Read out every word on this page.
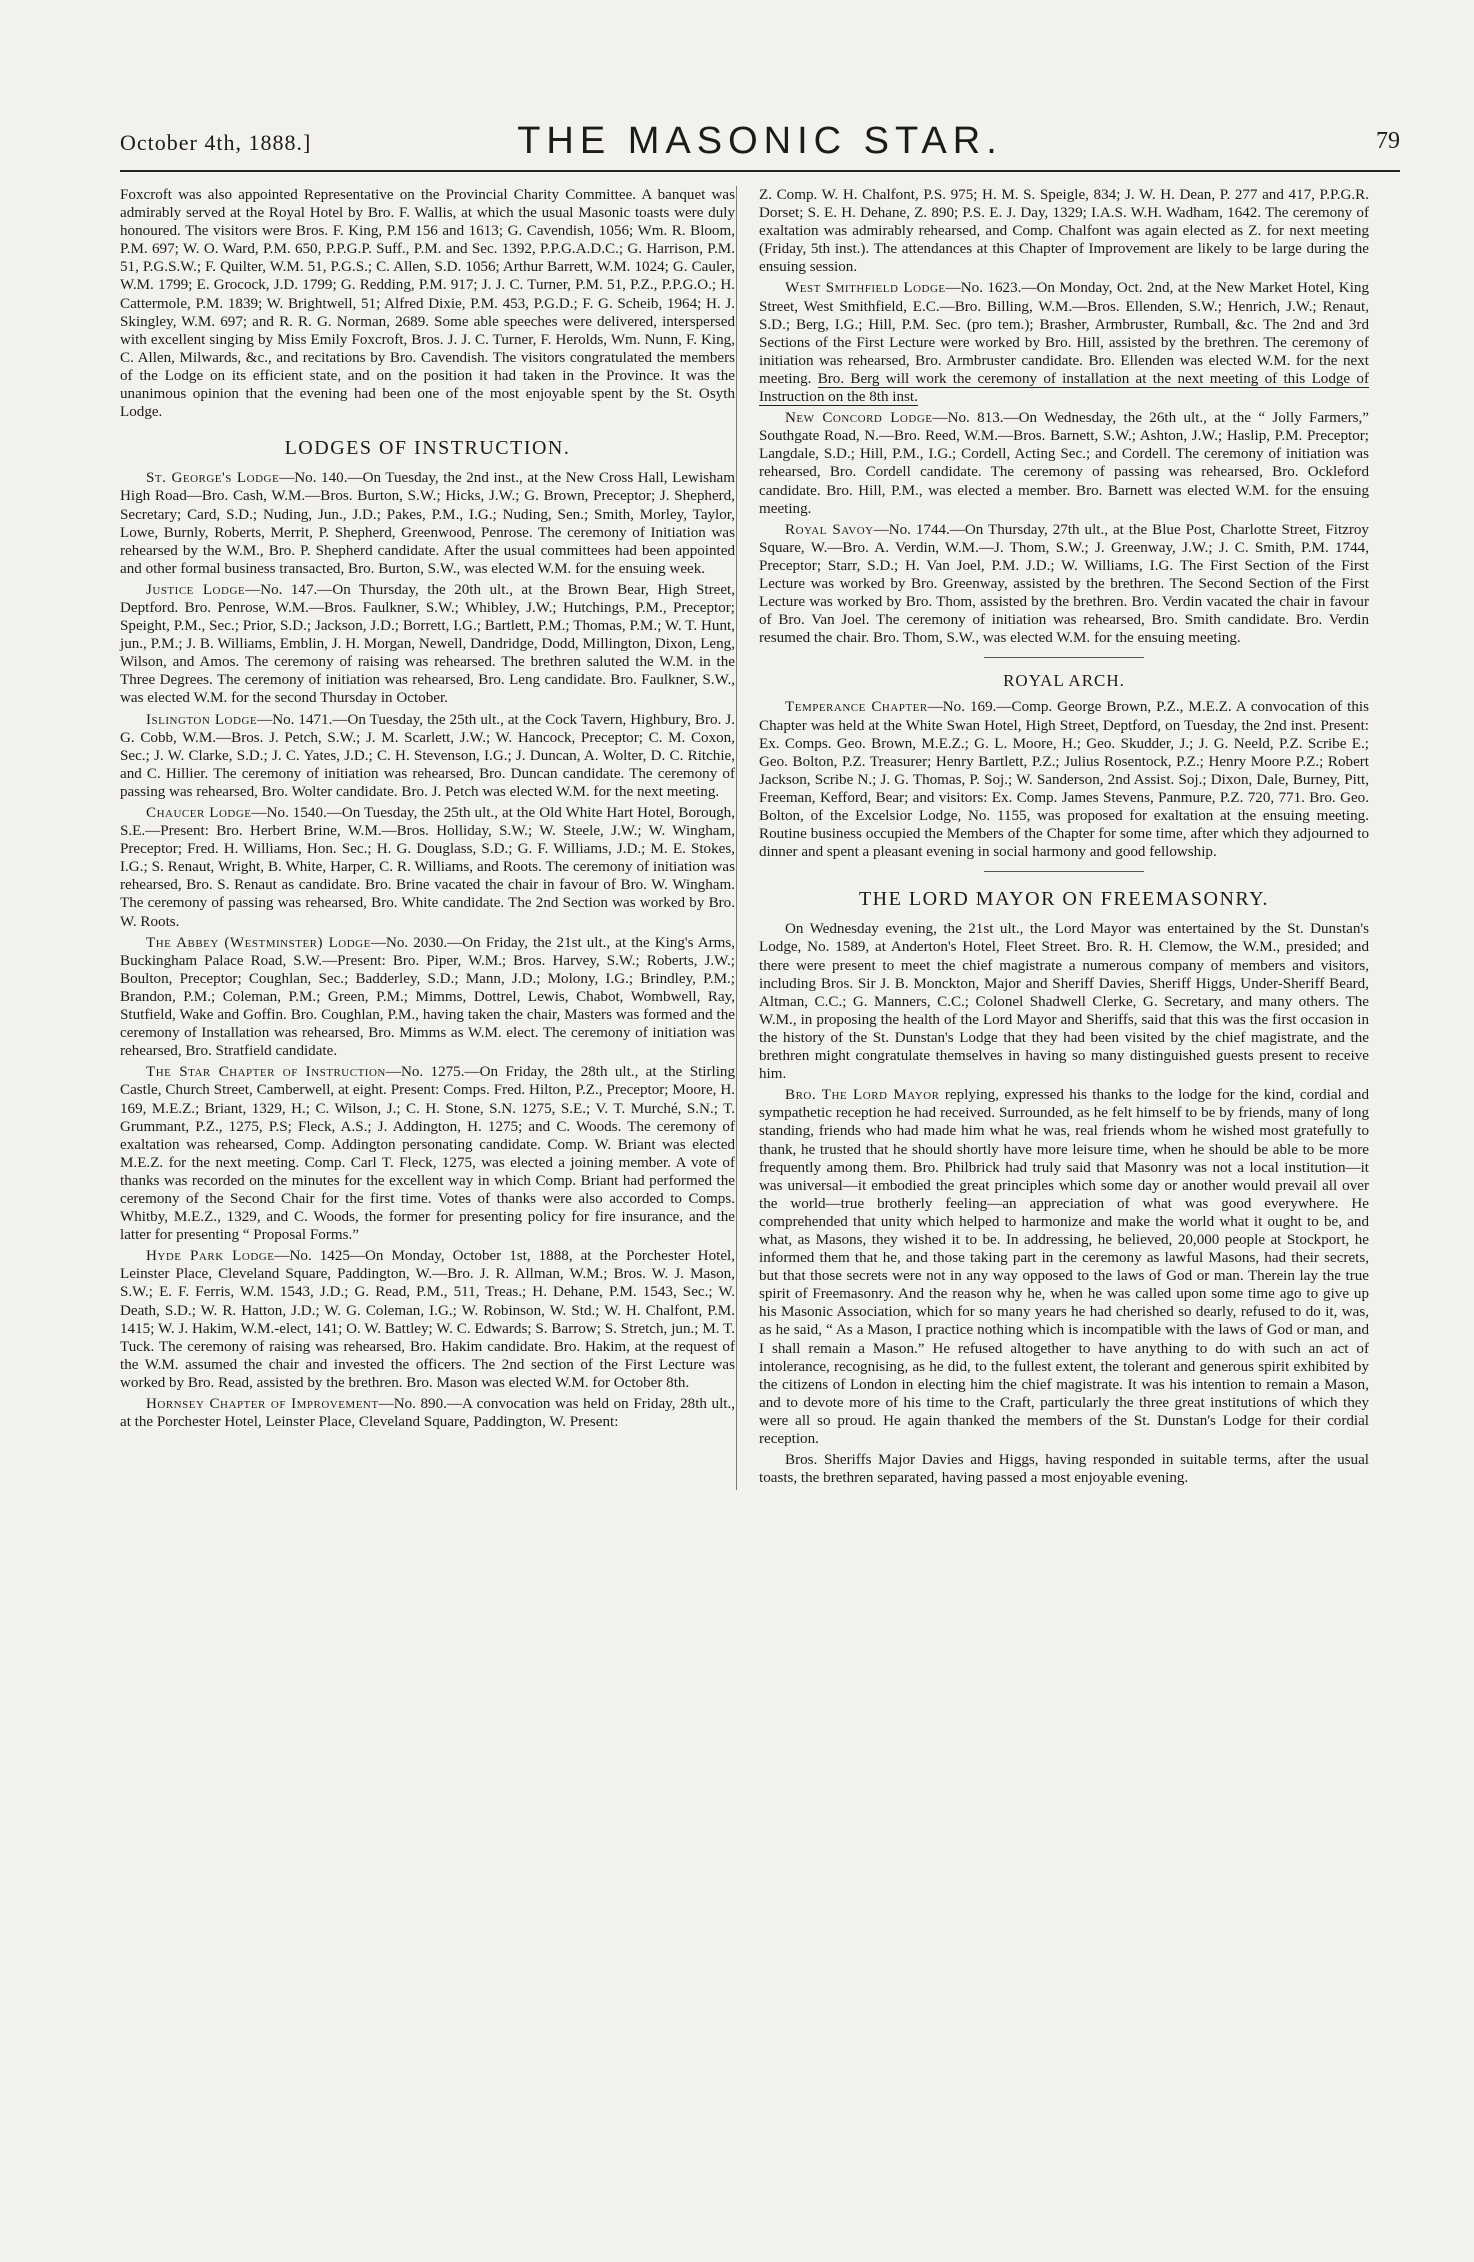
October 4th, 1888.]	THE MASONIC STAR.	79

Foxcroft was also appointed Representative on the Provincial Charity Committee. A banquet was admirably served at the Royal Hotel by Bro. F. Wallis, at which the usual Masonic toasts were duly honoured. The visitors were Bros. F. King, P.M 156 and 1613; G. Cavendish, 1056; Wm. R. Bloom, P.M. 697; W. O. Ward, P.M. 650, P.P.G.P. Suff., P.M. and Sec. 1392, P.P.G.A.D.C.; G. Harrison, P.M. 51, P.G.S.W.; F. Quilter, W.M. 51, P.G.S.; C. Allen, S.D. 1056; Arthur Barrett, W.M. 1024; G. Cauler, W.M. 1799; E. Grocock, J.D. 1799; G. Redding, P.M. 917; J. J. C. Turner, P.M. 51, P.Z., P.P.G.O.; H. Cattermole, P.M. 1839; W. Brightwell, 51; Alfred Dixie, P.M. 453, P.G.D.; F. G. Scheib, 1964; H. J. Skingley, W.M. 697; and R. R. G. Norman, 2689. Some able speeches were delivered, interspersed with excellent singing by Miss Emily Foxcroft, Bros. J. J. C. Turner, F. Herolds, Wm. Nunn, F. King, C. Allen, Milwards, &c., and recitations by Bro. Cavendish. The visitors congratulated the members of the Lodge on its efficient state, and on the position it had taken in the Province. It was the unanimous opinion that the evening had been one of the most enjoyable spent by the St. Osyth Lodge.

LODGES OF INSTRUCTION.

St. George's Lodge—No. 140.—On Tuesday, the 2nd inst., at the New Cross Hall, Lewisham High Road—Bro. Cash, W.M.—Bros. Burton, S.W.; Hicks, J.W.; G. Brown, Preceptor; J. Shepherd, Secretary; Card, S.D.; Nuding, Jun., J.D.; Pakes, P.M., I.G.; Nuding, Sen.; Smith, Morley, Taylor, Lowe, Burnly, Roberts, Merrit, P. Shepherd, Greenwood, Penrose. The ceremony of Initiation was rehearsed by the W.M., Bro. P. Shepherd candidate. After the usual committees had been appointed and other formal business transacted, Bro. Burton, S.W., was elected W.M. for the ensuing week.

Justice Lodge—No. 147.—On Thursday, the 20th ult., at the Brown Bear, High Street, Deptford. Bro. Penrose, W.M.—Bros. Faulkner, S.W.; Whibley, J.W.; Hutchings, P.M., Preceptor; Speight, P.M., Sec.; Prior, S.D.; Jackson, J.D.; Borrett, I.G.; Bartlett, P.M.; Thomas, P.M.; W. T. Hunt, jun., P.M.; J. B. Williams, Emblin, J. H. Morgan, Newell, Dandridge, Dodd, Millington, Dixon, Leng, Wilson, and Amos. The ceremony of raising was rehearsed. The brethren saluted the W.M. in the Three Degrees. The ceremony of initiation was rehearsed, Bro. Leng candidate. Bro. Faulkner, S.W., was elected W.M. for the second Thursday in October.

Islington Lodge—No. 1471.—On Tuesday, the 25th ult., at the Cock Tavern, Highbury, Bro. J. G. Cobb, W.M.—Bros. J. Petch, S.W.; J. M. Scarlett, J.W.; W. Hancock, Preceptor; C. M. Coxon, Sec.; J. W. Clarke, S.D.; J. C. Yates, J.D.; C. H. Stevenson, I.G.; J. Duncan, A. Wolter, D. C. Ritchie, and C. Hillier. The ceremony of initiation was rehearsed, Bro. Duncan candidate. The ceremony of passing was rehearsed, Bro. Wolter candidate. Bro. J. Petch was elected W.M. for the next meeting.

Chaucer Lodge—No. 1540.—On Tuesday, the 25th ult., at the Old White Hart Hotel, Borough, S.E.—Present: Bro. Herbert Brine, W.M.—Bros. Holliday, S.W.; W. Steele, J.W.; W. Wingham, Preceptor; Fred. H. Williams, Hon. Sec.; H. G. Douglass, S.D.; G. F. Williams, J.D.; M. E. Stokes, I.G.; S. Renaut, Wright, B. White, Harper, C. R. Williams, and Roots. The ceremony of initiation was rehearsed, Bro. S. Renaut as candidate. Bro. Brine vacated the chair in favour of Bro. W. Wingham. The ceremony of passing was rehearsed, Bro. White candidate. The 2nd Section was worked by Bro. W. Roots.

The Abbey (Westminster) Lodge—No. 2030.—On Friday, the 21st ult., at the King's Arms, Buckingham Palace Road, S.W.—Present: Bro. Piper, W.M.; Bros. Harvey, S.W.; Roberts, J.W.; Boulton, Preceptor; Coughlan, Sec.; Badderley, S.D.; Mann, J.D.; Molony, I.G.; Brindley, P.M.; Brandon, P.M.; Coleman, P.M.; Green, P.M.; Mimms, Dottrel, Lewis, Chabot, Wombwell, Ray, Stutfield, Wake and Goffin. Bro. Coughlan, P.M., having taken the chair, Masters was formed and the ceremony of Installation was rehearsed, Bro. Mimms as W.M. elect. The ceremony of initiation was rehearsed, Bro. Stratfield candidate.

The Star Chapter of Instruction—No. 1275.—On Friday, the 28th ult., at the Stirling Castle, Church Street, Camberwell, at eight. Present: Comps. Fred. Hilton, P.Z., Preceptor; Moore, H. 169, M.E.Z.; Briant, 1329, H.; C. Wilson, J.; C. H. Stone, S.N. 1275, S.E.; V. T. Murché, S.N.; T. Grummant, P.Z., 1275, P.S; Fleck, A.S.; J. Addington, H. 1275; and C. Woods. The ceremony of exaltation was rehearsed, Comp. Addington personating candidate. Comp. W. Briant was elected M.E.Z. for the next meeting. Comp. Carl T. Fleck, 1275, was elected a joining member. A vote of thanks was recorded on the minutes for the excellent way in which Comp. Briant had performed the ceremony of the Second Chair for the first time. Votes of thanks were also accorded to Comps. Whitby, M.E.Z., 1329, and C. Woods, the former for presenting policy for fire insurance, and the latter for presenting “ Proposal Forms.”

Hyde Park Lodge—No. 1425—On Monday, October 1st, 1888, at the Porchester Hotel, Leinster Place, Cleveland Square, Paddington, W.—Bro. J. R. Allman, W.M.; Bros. W. J. Mason, S.W.; E. F. Ferris, W.M. 1543, J.D.; G. Read, P.M., 511, Treas.; H. Dehane, P.M. 1543, Sec.; W. Death, S.D.; W. R. Hatton, J.D.; W. G. Coleman, I.G.; W. Robinson, W. Std.; W. H. Chalfont, P.M. 1415; W. J. Hakim, W.M.-elect, 141; O. W. Battley; W. C. Edwards; S. Barrow; S. Stretch, jun.; M. T. Tuck. The ceremony of raising was rehearsed, Bro. Hakim candidate. Bro. Hakim, at the request of the W.M. assumed the chair and invested the officers. The 2nd section of the First Lecture was worked by Bro. Read, assisted by the brethren. Bro. Mason was elected W.M. for October 8th.

Hornsey Chapter of Improvement—No. 890.—A convocation was held on Friday, 28th ult., at the Porchester Hotel, Leinster Place, Cleveland Square, Paddington, W. Present:

Z. Comp. W. H. Chalfont, P.S. 975; H. M. S. Speigle, 834; J. W. H. Dean, P. 277 and 417, P.P.G.R. Dorset; S. E. H. Dehane, Z. 890; P.S. E. J. Day, 1329; I.A.S. W.H. Wadham, 1642. The ceremony of exaltation was admirably rehearsed, and Comp. Chalfont was again elected as Z. for next meeting (Friday, 5th inst.). The attendances at this Chapter of Improvement are likely to be large during the ensuing session.

West Smithfield Lodge—No. 1623.—On Monday, Oct. 2nd, at the New Market Hotel, King Street, West Smithfield, E.C.—Bro. Billing, W.M.—Bros. Ellenden, S.W.; Henrich, J.W.; Renaut, S.D.; Berg, I.G.; Hill, P.M. Sec. (pro tem.); Brasher, Armbruster, Rumball, &c. The 2nd and 3rd Sections of the First Lecture were worked by Bro. Hill, assisted by the brethren. The ceremony of initiation was rehearsed, Bro. Armbruster candidate. Bro. Ellenden was elected W.M. for the next meeting. Bro. Berg will work the ceremony of installation at the next meeting of this Lodge of Instruction on the 8th inst.

New Concord Lodge—No. 813.—On Wednesday, the 26th ult., at the “ Jolly Farmers,” Southgate Road, N.—Bro. Reed, W.M.—Bros. Barnett, S.W.; Ashton, J.W.; Haslip, P.M. Preceptor; Langdale, S.D.; Hill, P.M., I.G.; Cordell, Acting Sec.; and Cordell. The ceremony of initiation was rehearsed, Bro. Cordell candidate. The ceremony of passing was rehearsed, Bro. Ockleford candidate. Bro. Hill, P.M., was elected a member. Bro. Barnett was elected W.M. for the ensuing meeting.

Royal Savoy—No. 1744.—On Thursday, 27th ult., at the Blue Post, Charlotte Street, Fitzroy Square, W.—Bro. A. Verdin, W.M.—J. Thom, S.W.; J. Greenway, J.W.; J. C. Smith, P.M. 1744, Preceptor; Starr, S.D.; H. Van Joel, P.M. J.D.; W. Williams, I.G. The First Section of the First Lecture was worked by Bro. Greenway, assisted by the brethren. The Second Section of the First Lecture was worked by Bro. Thom, assisted by the brethren. Bro. Verdin vacated the chair in favour of Bro. Van Joel. The ceremony of initiation was rehearsed, Bro. Smith candidate. Bro. Verdin resumed the chair. Bro. Thom, S.W., was elected W.M. for the ensuing meeting.

ROYAL ARCH.

Temperance Chapter—No. 169.—Comp. George Brown, P.Z., M.E.Z. A convocation of this Chapter was held at the White Swan Hotel, High Street, Deptford, on Tuesday, the 2nd inst. Present: Ex. Comps. Geo. Brown, M.E.Z.; G. L. Moore, H.; Geo. Skudder, J.; J. G. Neeld, P.Z. Scribe E.; Geo. Bolton, P.Z. Treasurer; Henry Bartlett, P.Z.; Julius Rosentock, P.Z.; Henry Moore P.Z.; Robert Jackson, Scribe N.; J. G. Thomas, P. Soj.; W. Sanderson, 2nd Assist. Soj.; Dixon, Dale, Burney, Pitt, Freeman, Kefford, Bear; and visitors: Ex. Comp. James Stevens, Panmure, P.Z. 720, 771. Bro. Geo. Bolton, of the Excelsior Lodge, No. 1155, was proposed for exaltation at the ensuing meeting. Routine business occupied the Members of the Chapter for some time, after which they adjourned to dinner and spent a pleasant evening in social harmony and good fellowship.

THE LORD MAYOR ON FREEMASONRY.

On Wednesday evening, the 21st ult., the Lord Mayor was entertained by the St. Dunstan's Lodge, No. 1589, at Anderton's Hotel, Fleet Street. Bro. R. H. Clemow, the W.M., presided; and there were present to meet the chief magistrate a numerous company of members and visitors, including Bros. Sir J. B. Monckton, Major and Sheriff Davies, Sheriff Higgs, Under-Sheriff Beard, Altman, C.C.; G. Manners, C.C.; Colonel Shadwell Clerke, G. Secretary, and many others. The W.M., in proposing the health of the Lord Mayor and Sheriffs, said that this was the first occasion in the history of the St. Dunstan's Lodge that they had been visited by the chief magistrate, and the brethren might congratulate themselves in having so many distinguished guests present to receive him.

Bro. The Lord Mayor replying, expressed his thanks to the lodge for the kind, cordial and sympathetic reception he had received. Surrounded, as he felt himself to be by friends, many of long standing, friends who had made him what he was, real friends whom he wished most gratefully to thank, he trusted that he should shortly have more leisure time, when he should be able to be more frequently among them. Bro. Philbrick had truly said that Masonry was not a local institution—it was universal—it embodied the great principles which some day or another would prevail all over the world—true brotherly feeling—an appreciation of what was good everywhere. He comprehended that unity which helped to harmonize and make the world what it ought to be, and what, as Masons, they wished it to be. In addressing, he believed, 20,000 people at Stockport, he informed them that he, and those taking part in the ceremony as lawful Masons, had their secrets, but that those secrets were not in any way opposed to the laws of God or man. Therein lay the true spirit of Freemasonry. And the reason why he, when he was called upon some time ago to give up his Masonic Association, which for so many years he had cherished so dearly, refused to do it, was, as he said, “ As a Mason, I practice nothing which is incompatible with the laws of God or man, and I shall remain a Mason.” He refused altogether to have anything to do with such an act of intolerance, recognising, as he did, to the fullest extent, the tolerant and generous spirit exhibited by the citizens of London in electing him the chief magistrate. It was his intention to remain a Mason, and to devote more of his time to the Craft, particularly the three great institutions of which they were all so proud. He again thanked the members of the St. Dunstan's Lodge for their cordial reception.

Bros. Sheriffs Major Davies and Higgs, having responded in suitable terms, after the usual toasts, the brethren separated, having passed a most enjoyable evening.
